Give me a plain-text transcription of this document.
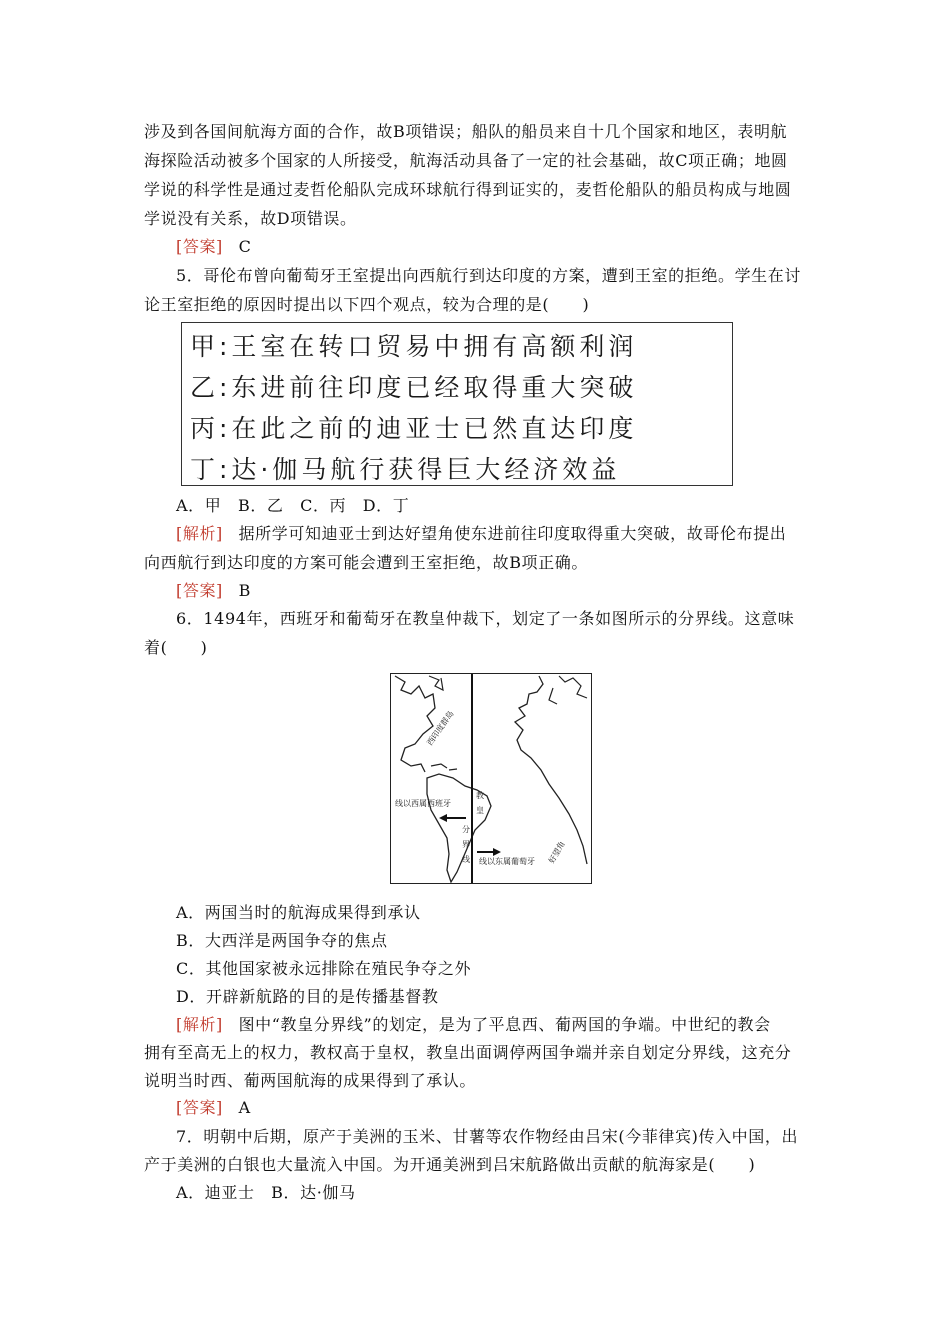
涉及到各国间航海方面的合作，故B项错误；船队的船员来自十几个国家和地区，表明航
海探险活动被多个国家的人所接受，航海活动具备了一定的社会基础，故C项正确；地圆
学说的科学性是通过麦哲伦船队完成环球航行得到证实的，麦哲伦船队的船员构成与地圆
学说没有关系，故D项错误。
[答案] C
5．哥伦布曾向葡萄牙王室提出向西航行到达印度的方案，遭到王室的拒绝。学生在讨
论王室拒绝的原因时提出以下四个观点，较为合理的是(　　)
甲:王室在转口贸易中拥有高额利润
乙:东进前往印度已经取得重大突破
丙:在此之前的迪亚士已然直达印度
丁:达·伽马航行获得巨大经济效益
A．甲　B．乙　C．丙　D．丁
[解析] 据所学可知迪亚士到达好望角使东进前往印度取得重大突破，故哥伦布提出
向西航行到达印度的方案可能会遭到王室拒绝，故B项正确。
[答案] B
6．1494年，西班牙和葡萄牙在教皇仲裁下，划定了一条如图所示的分界线。这意味
着(　　)
西印度群岛
线以西属西班牙
教
皇
分
界
线 线以东属葡萄牙 好望角
A．两国当时的航海成果得到承认
B．大西洋是两国争夺的焦点
C．其他国家被永远排除在殖民争夺之外
D．开辟新航路的目的是传播基督教
[解析] 图中“教皇分界线”的划定，是为了平息西、葡两国的争端。中世纪的教会
拥有至高无上的权力，教权高于皇权，教皇出面调停两国争端并亲自划定分界线，这充分
说明当时西、葡两国航海的成果得到了承认。
[答案] A
7．明朝中后期，原产于美洲的玉米、甘薯等农作物经由吕宋(今菲律宾)传入中国，出
产于美洲的白银也大量流入中国。为开通美洲到吕宋航路做出贡献的航海家是(　　)
A．迪亚士　B．达·伽马
